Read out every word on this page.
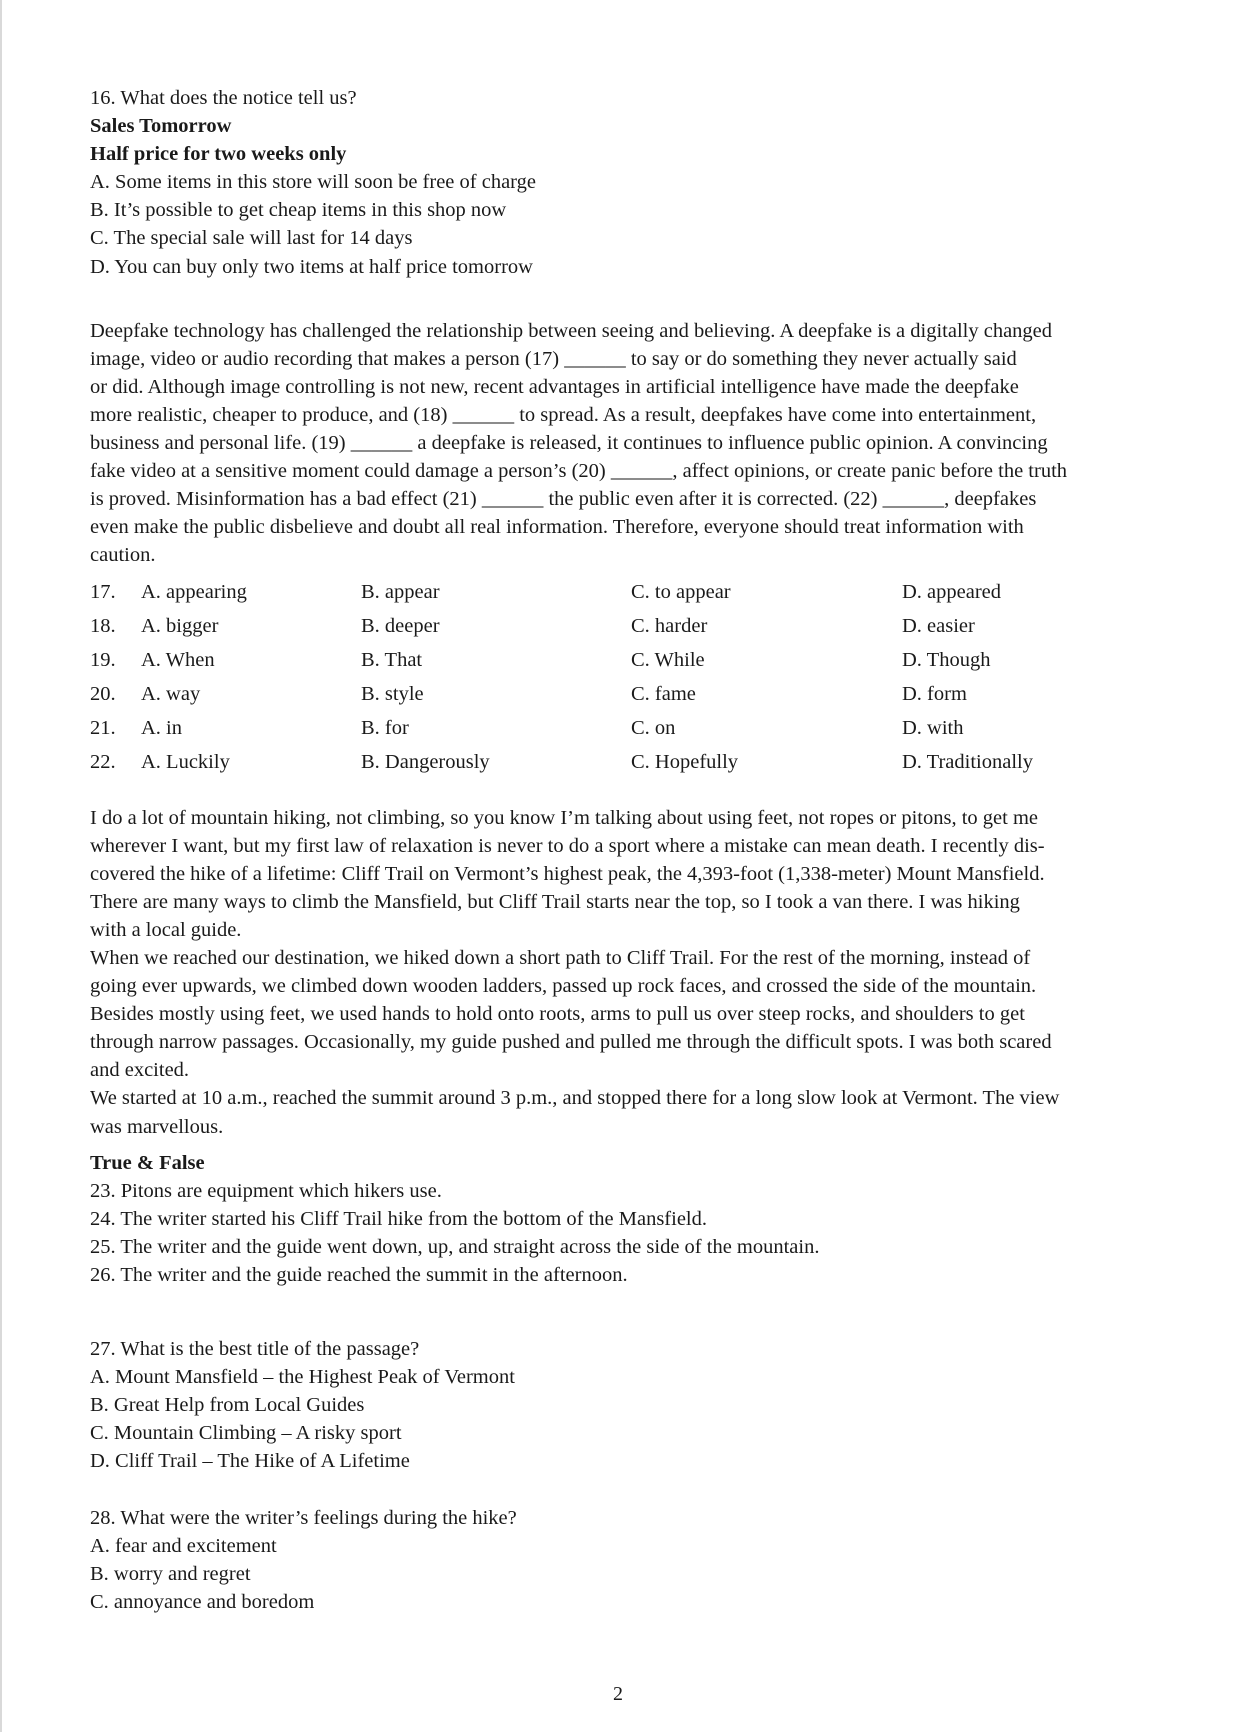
16. What does the notice tell us?
Sales Tomorrow
Half price for two weeks only
A. Some items in this store will soon be free of charge
B. It’s possible to get cheap items in this shop now
C. The special sale will last for 14 days
D. You can buy only two items at half price tomorrow
Deepfake technology has challenged the relationship between seeing and believing. A deepfake is a digitally changed
image, video or audio recording that makes a person (17) ______ to say or do something they never actually said
or did. Although image controlling is not new, recent advantages in artificial intelligence have made the deepfake
more realistic, cheaper to produce, and (18) ______ to spread. As a result, deepfakes have come into entertainment,
business and personal life. (19) ______ a deepfake is released, it continues to influence public opinion. A convincing
fake video at a sensitive moment could damage a person’s (20) ______, affect opinions, or create panic before the truth
is proved. Misinformation has a bad effect (21) ______ the public even after it is corrected. (22) ______, deepfakes
even make the public disbelieve and doubt all real information. Therefore, everyone should treat information with
caution.
17.	A. appearing	B. appear	C. to appear	D. appeared
18.	A. bigger	B. deeper	C. harder	D. easier
19.	A. When	B. That	C. While	D. Though
20.	A. way	B. style	C. fame	D. form
21.	A. in	B. for	C. on	D. with
22.	A. Luckily	B. Dangerously	C. Hopefully	D. Traditionally
I do a lot of mountain hiking, not climbing, so you know I’m talking about using feet, not ropes or pitons, to get me
wherever I want, but my first law of relaxation is never to do a sport where a mistake can mean death. I recently dis-
covered the hike of a lifetime: Cliff Trail on Vermont’s highest peak, the 4,393-foot (1,338-meter) Mount Mansfield.
There are many ways to climb the Mansfield, but Cliff Trail starts near the top, so I took a van there. I was hiking
with a local guide.
When we reached our destination, we hiked down a short path to Cliff Trail. For the rest of the morning, instead of
going ever upwards, we climbed down wooden ladders, passed up rock faces, and crossed the side of the mountain.
Besides mostly using feet, we used hands to hold onto roots, arms to pull us over steep rocks, and shoulders to get
through narrow passages. Occasionally, my guide pushed and pulled me through the difficult spots. I was both scared
and excited.
We started at 10 a.m., reached the summit around 3 p.m., and stopped there for a long slow look at Vermont. The view
was marvellous.
True & False
23. Pitons are equipment which hikers use.
24. The writer started his Cliff Trail hike from the bottom of the Mansfield.
25. The writer and the guide went down, up, and straight across the side of the mountain.
26. The writer and the guide reached the summit in the afternoon.
27. What is the best title of the passage?
A. Mount Mansfield – the Highest Peak of Vermont
B. Great Help from Local Guides
C. Mountain Climbing – A risky sport
D. Cliff Trail – The Hike of A Lifetime
28. What were the writer’s feelings during the hike?
A. fear and excitement
B. worry and regret
C. annoyance and boredom
2
